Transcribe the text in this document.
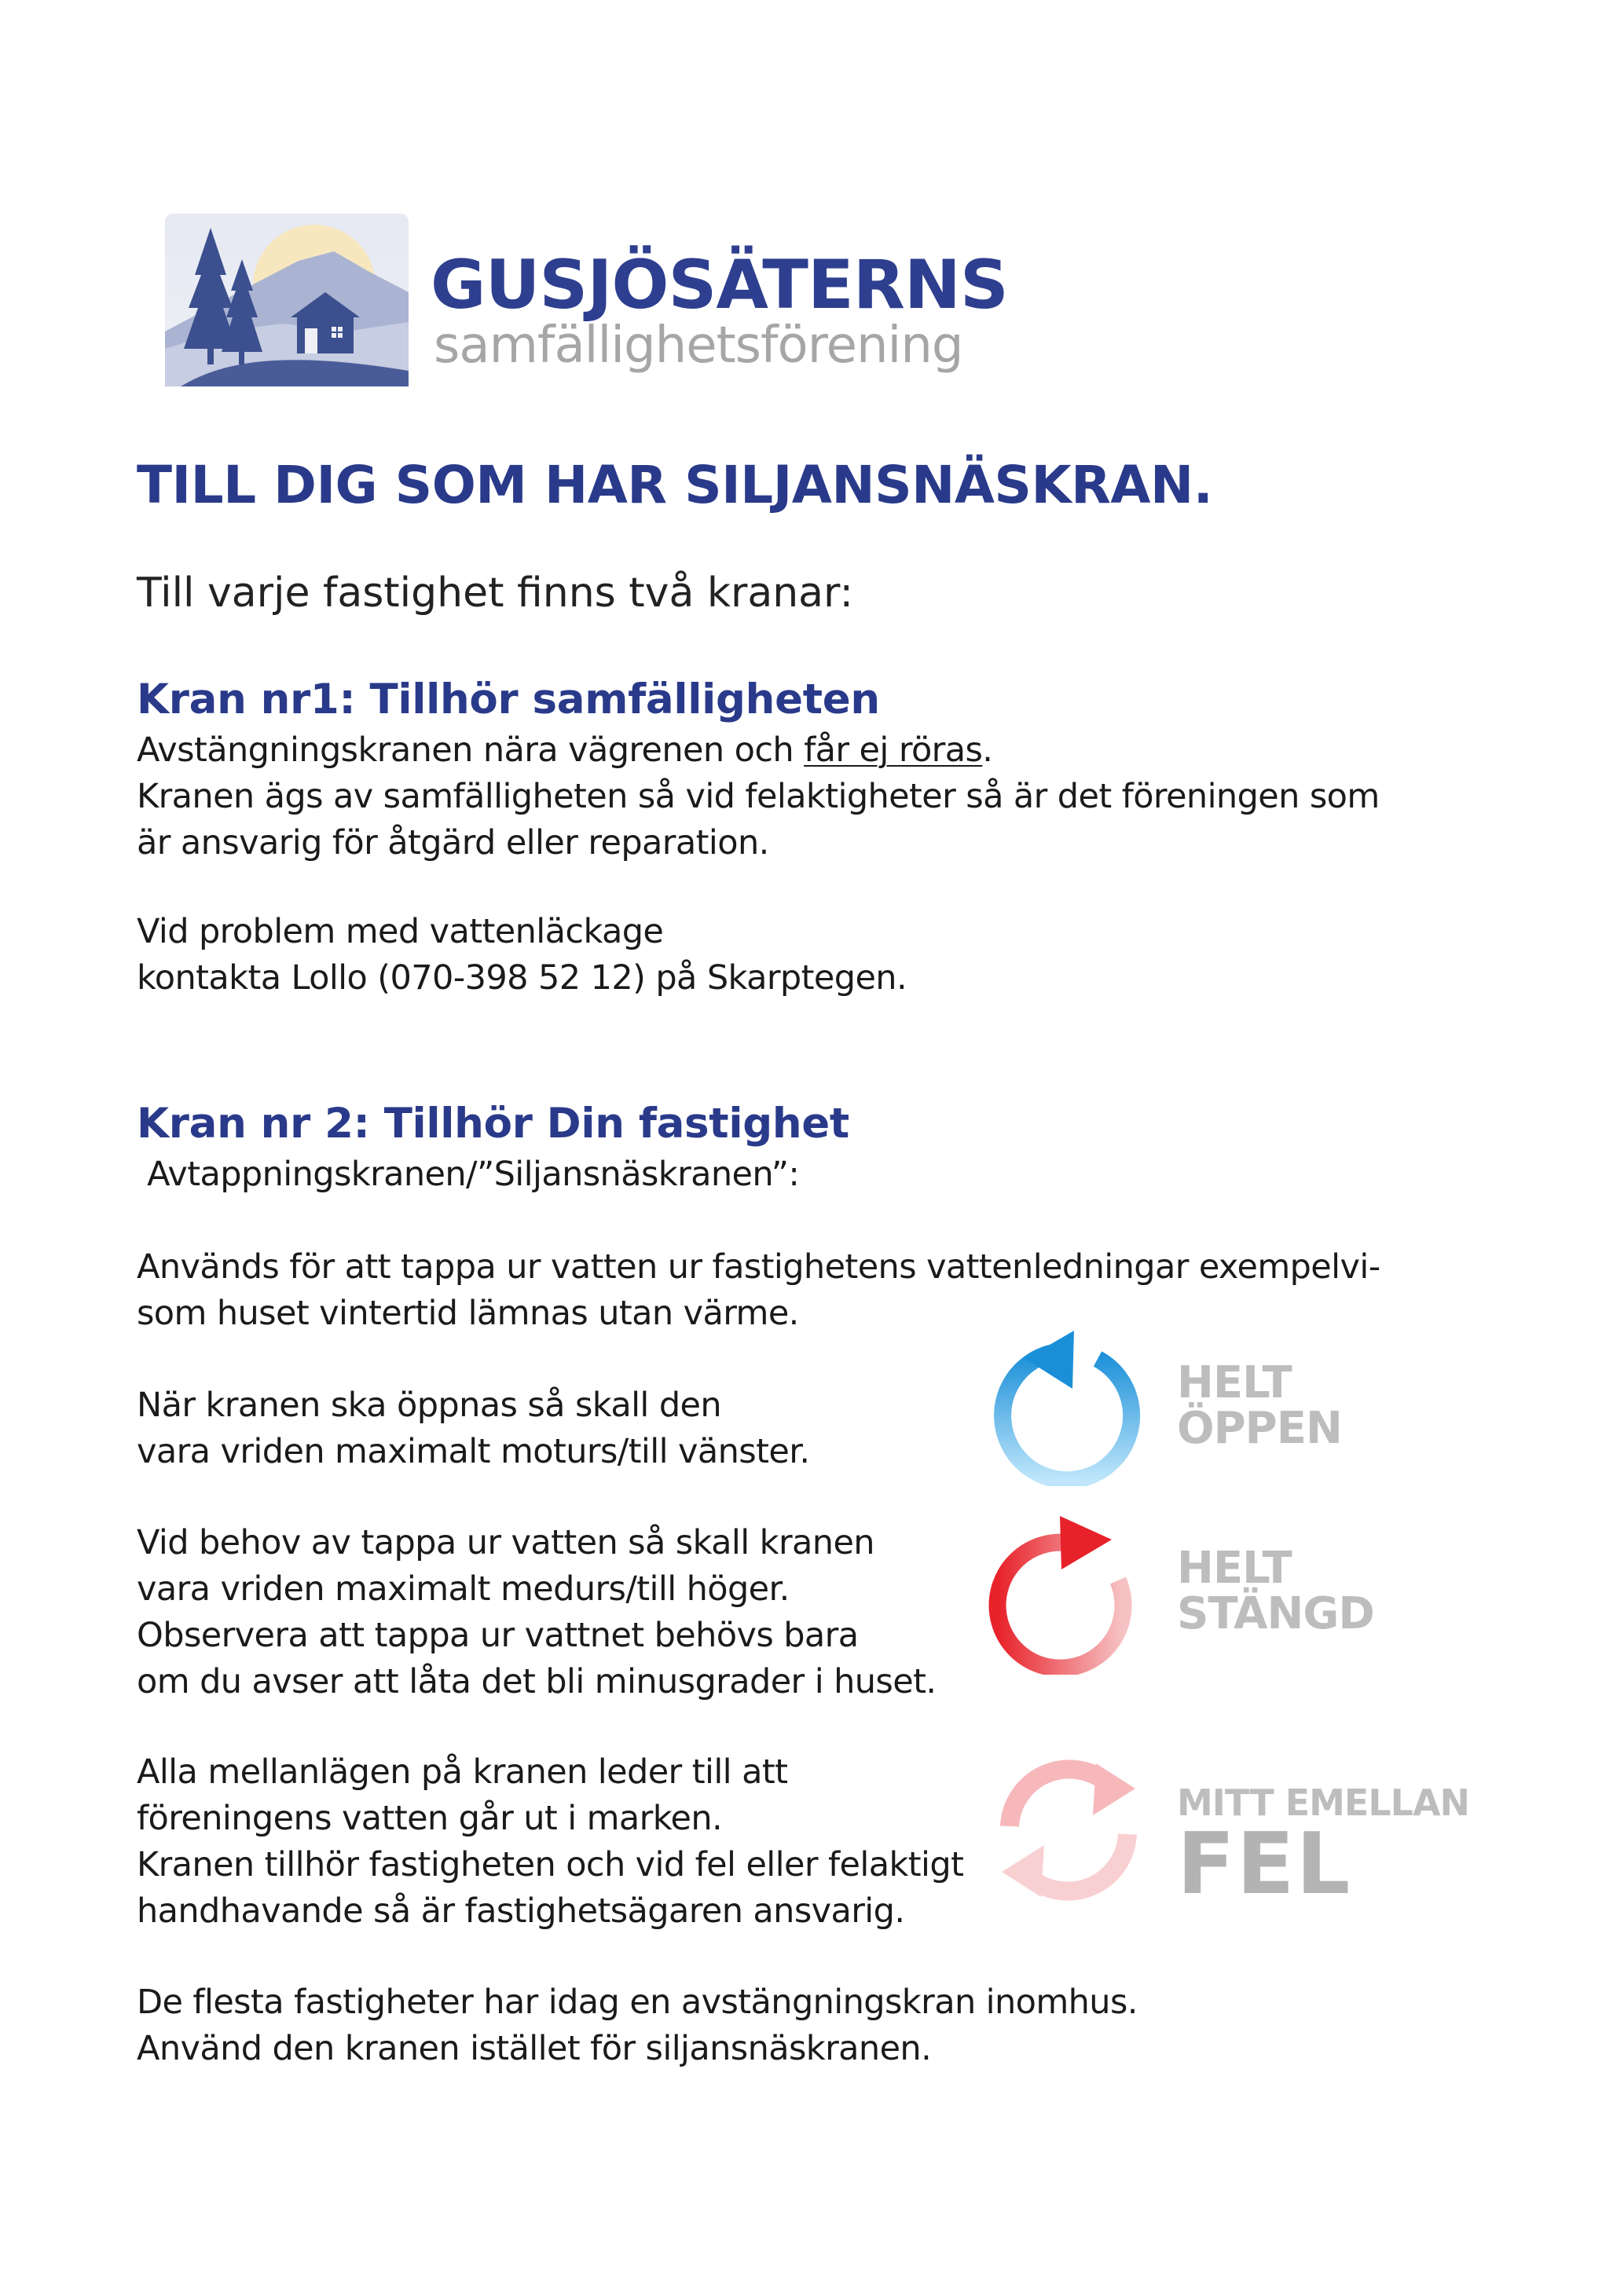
GUSJÖSÄTERNS

samfällighetsförening

TILL DIG SOM HAR SILJANSNÄSKRAN.

Till varje fastighet finns två kranar:

Kran nr1: Tillhör samfälligheten

Avstängningskranen nära vägrenen och får ej röras.
Kranen ägs av samfälligheten så vid felaktigheter så är det föreningen som
är ansvarig för åtgärd eller reparation.

Vid problem med vattenläckage
kontakta Lollo (070-398 52 12) på Skarptegen.

Kran nr 2: Tillhör Din fastighet

Avtappningskranen/”Siljansnäskranen”:

Används för att tappa ur vatten ur fastighetens vattenledningar exempelvi-
som huset vintertid lämnas utan värme.

När kranen ska öppnas så skall den
vara vriden maximalt moturs/till vänster.

Vid behov av tappa ur vatten så skall kranen
vara vriden maximalt medurs/till höger.
Observera att tappa ur vattnet behövs bara
om du avser att låta det bli minusgrader i huset.

Alla mellanlägen på kranen leder till att
föreningens vatten går ut i marken.
Kranen tillhör fastigheten och vid fel eller felaktigt
handhavande så är fastighetsägaren ansvarig.

De flesta fastigheter har idag en avstängningskran inomhus.
Använd den kranen istället för siljansnäskranen.

HELT
ÖPPEN

HELT
STÄNGD

MITT EMELLAN

FEL
